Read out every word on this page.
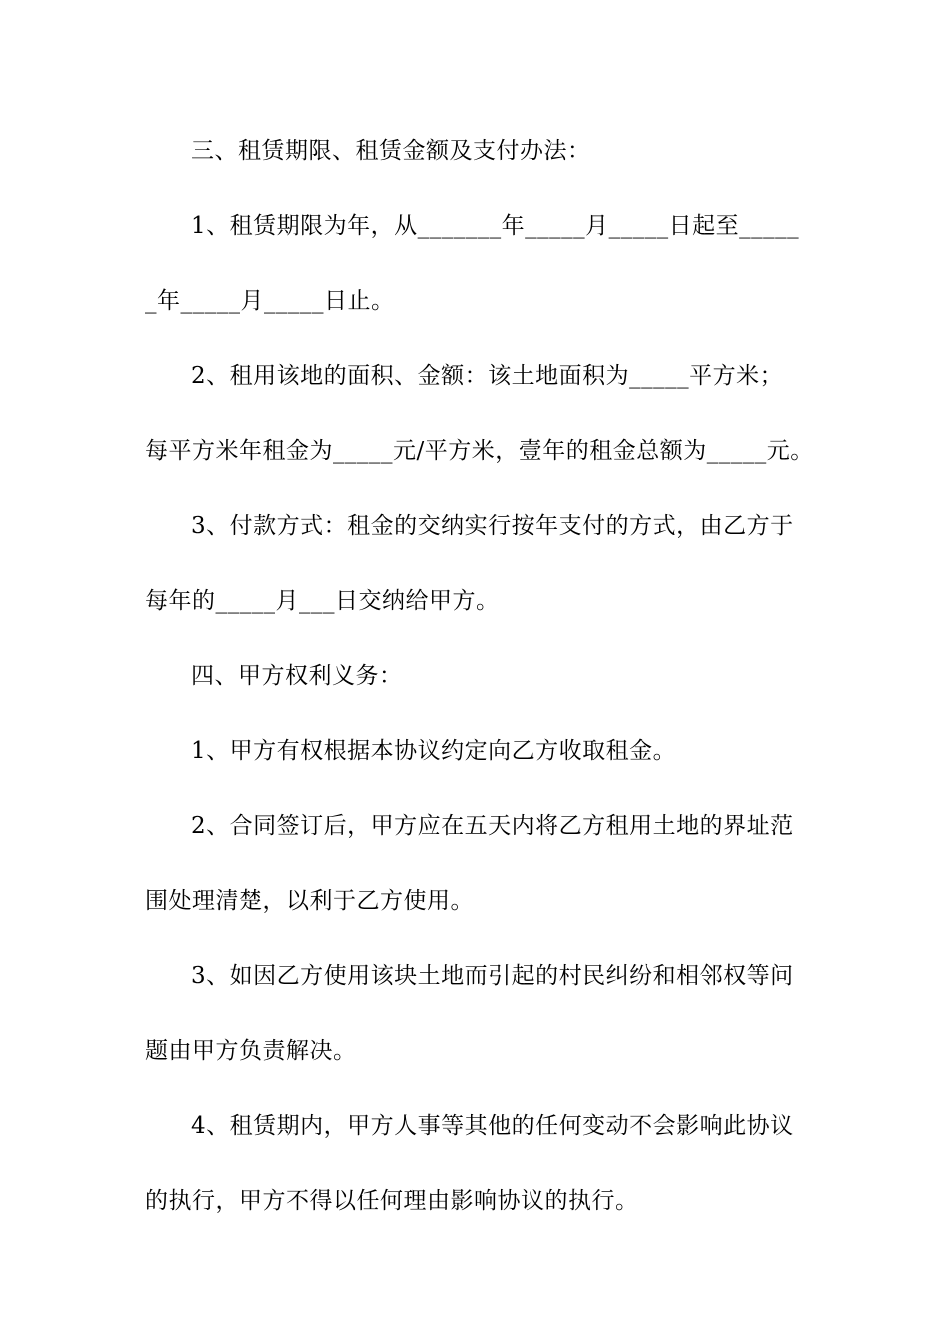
三、租赁期限、租赁金额及支付办法：
1、租赁期限为年，从_______年_____月_____日起至_____
_年_____月_____日止。
2、租用该地的面积、金额：该土地面积为_____平方米；
每平方米年租金为_____元/平方米，壹年的租金总额为_____元。
3、付款方式：租金的交纳实行按年支付的方式，由乙方于
每年的_____月___日交纳给甲方。
四、甲方权利义务：
1、甲方有权根据本协议约定向乙方收取租金。
2、合同签订后，甲方应在五天内将乙方租用土地的界址范
围处理清楚，以利于乙方使用。
3、如因乙方使用该块土地而引起的村民纠纷和相邻权等问
题由甲方负责解决。
4、租赁期内，甲方人事等其他的任何变动不会影响此协议
的执行，甲方不得以任何理由影响协议的执行。
